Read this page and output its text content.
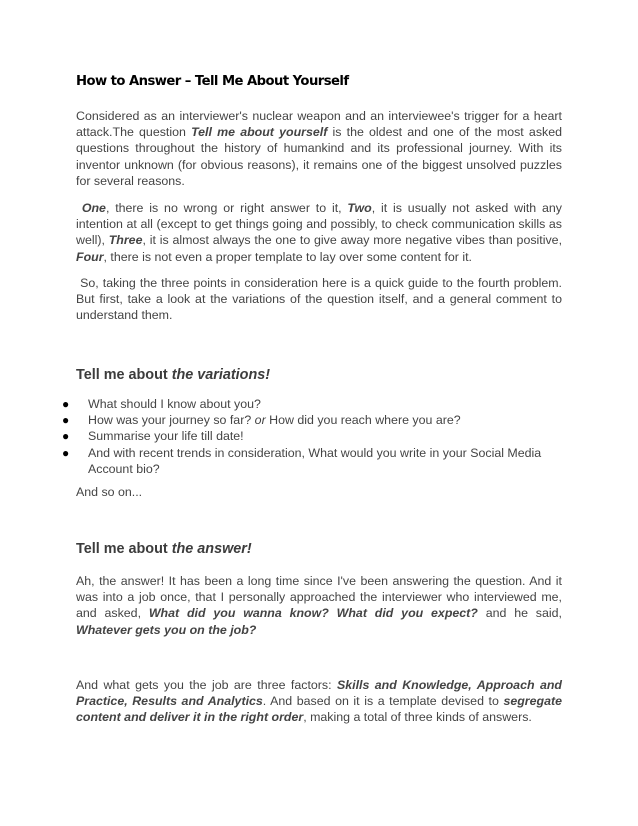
How to Answer – Tell Me About Yourself

Considered as an interviewer's nuclear weapon and an interviewee's trigger for a heart attack.The question Tell me about yourself is the oldest and one of the most asked questions throughout the history of humankind and its professional journey. With its inventor unknown (for obvious reasons), it remains one of the biggest unsolved puzzles for several reasons.

One, there is no wrong or right answer to it, Two, it is usually not asked with any intention at all (except to get things going and possibly, to check communication skills as well), Three, it is almost always the one to give away more negative vibes than positive, Four, there is not even a proper template to lay over some content for it.

So, taking the three points in consideration here is a quick guide to the fourth problem. But first, take a look at the variations of the question itself, and a general comment to understand them.

Tell me about the variations!
● What should I know about you?
● How was your journey so far? or How did you reach where you are?
● Summarise your life till date!
● And with recent trends in consideration, What would you write in your Social Media Account bio?

And so on...

Tell me about the answer!

Ah, the answer! It has been a long time since I've been answering the question. And it was into a job once, that I personally approached the interviewer who interviewed me, and asked, What did you wanna know? What did you expect? and he said, Whatever gets you on the job?

And what gets you the job are three factors: Skills and Knowledge, Approach and Practice, Results and Analytics. And based on it is a template devised to segregate content and deliver it in the right order, making a total of three kinds of answers.
